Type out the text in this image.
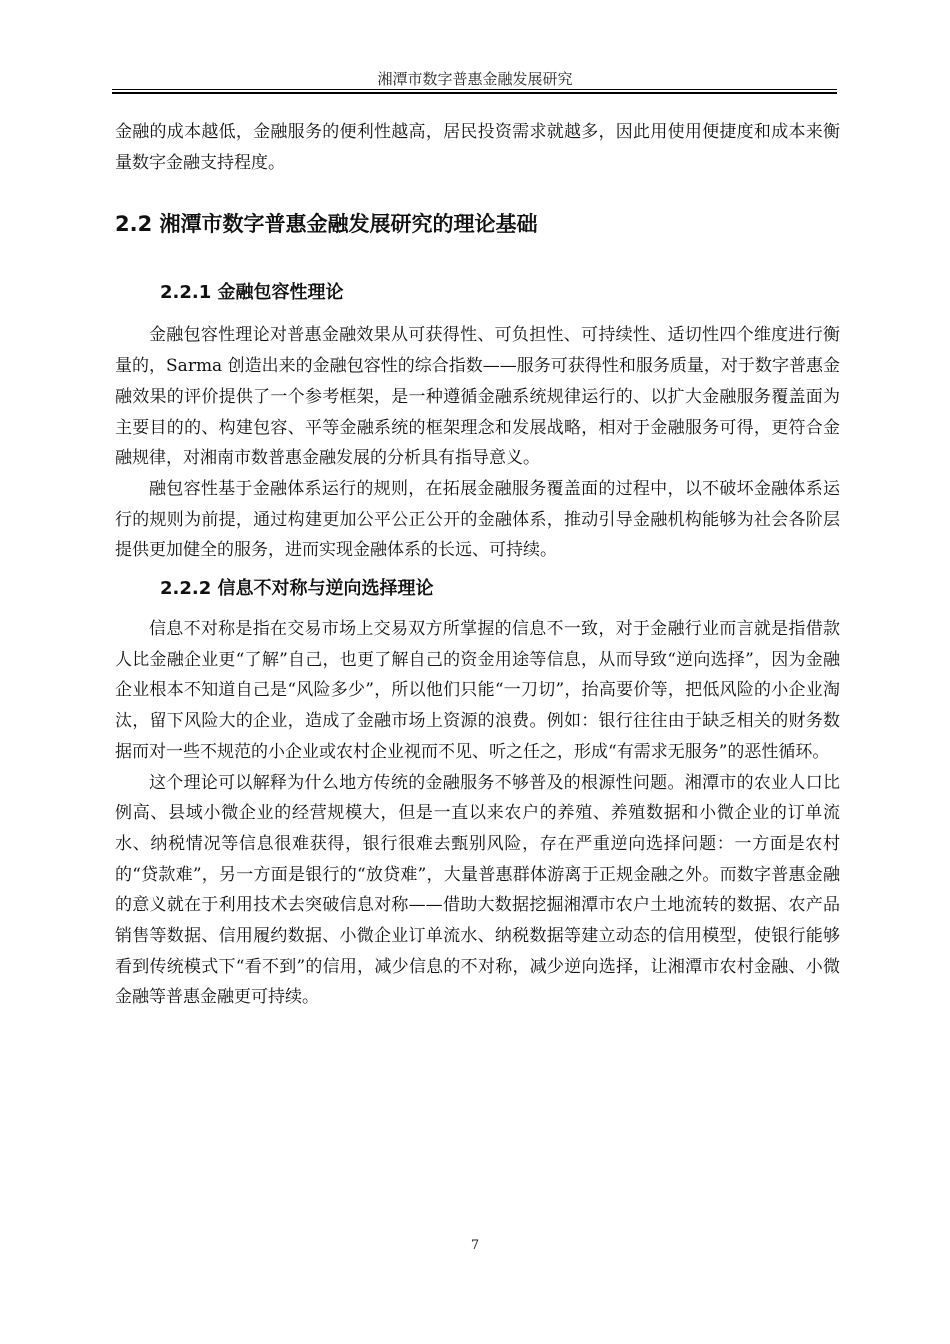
湘潭市数字普惠金融发展研究

金融的成本越低，金融服务的便利性越高，居民投资需求就越多，因此用使用便捷度和成本来衡量数字金融支持程度。

2.2 湘潭市数字普惠金融发展研究的理论基础
2.2.1 金融包容性理论

金融包容性理论对普惠金融效果从可获得性、可负担性、可持续性、适切性四个维度进行衡量的，Sarma 创造出来的金融包容性的综合指数——服务可获得性和服务质量，对于数字普惠金融效果的评价提供了一个参考框架，是一种遵循金融系统规律运行的、以扩大金融服务覆盖面为主要目的的、构建包容、平等金融系统的框架理念和发展战略，相对于金融服务可得，更符合金融规律，对湘南市数普惠金融发展的分析具有指导意义。

融包容性基于金融体系运行的规则，在拓展金融服务覆盖面的过程中，以不破坏金融体系运行的规则为前提，通过构建更加公平公正公开的金融体系，推动引导金融机构能够为社会各阶层提供更加健全的服务，进而实现金融体系的长远、可持续。

2.2.2 信息不对称与逆向选择理论

信息不对称是指在交易市场上交易双方所掌握的信息不一致，对于金融行业而言就是指借款人比金融企业更“了解”自己，也更了解自己的资金用途等信息，从而导致“逆向选择”，因为金融企业根本不知道自己是“风险多少”，所以他们只能“一刀切”，抬高要价等，把低风险的小企业淘汰，留下风险大的企业，造成了金融市场上资源的浪费。例如：银行往往由于缺乏相关的财务数据而对一些不规范的小企业或农村企业视而不见、听之任之，形成“有需求无服务”的恶性循环。

这个理论可以解释为什么地方传统的金融服务不够普及的根源性问题。湘潭市的农业人口比例高、县域小微企业的经营规模大，但是一直以来农户的养殖、养殖数据和小微企业的订单流水、纳税情况等信息很难获得，银行很难去甄别风险，存在严重逆向选择问题：一方面是农村的“贷款难”，另一方面是银行的“放贷难”，大量普惠群体游离于正规金融之外。而数字普惠金融的意义就在于利用技术去突破信息对称——借助大数据挖掘湘潭市农户土地流转的数据、农产品销售等数据、信用履约数据、小微企业订单流水、纳税数据等建立动态的信用模型，使银行能够看到传统模式下“看不到”的信用，减少信息的不对称，减少逆向选择，让湘潭市农村金融、小微金融等普惠金融更可持续。

7
